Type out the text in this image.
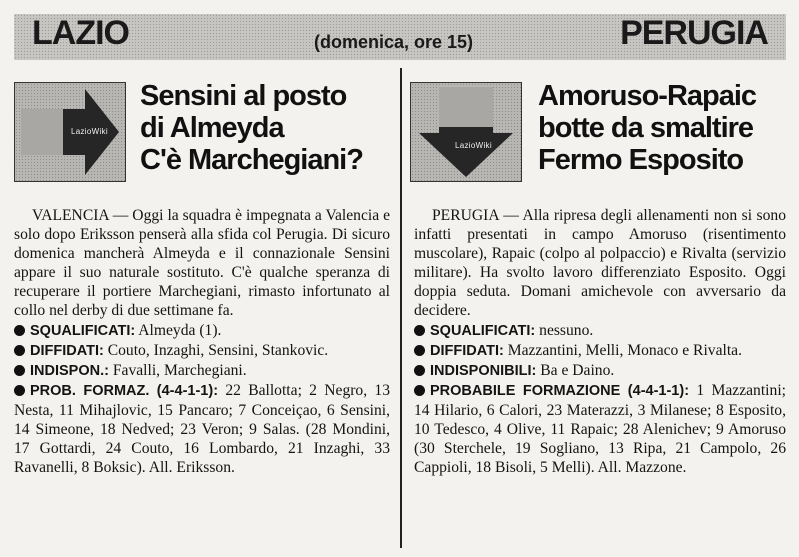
LAZIO	(domenica, ore 15)	PERUGIA
LazioWiki
Sensini al posto
di Almeyda
C'è Marchegiani?

VALENCIA — Oggi la squadra è impegnata a Valencia e solo dopo Eriksson penserà alla sfida col Perugia. Di sicuro domenica mancherà Almeyda e il connazionale Sensini appare il suo naturale sostituto. C'è qualche speranza di recuperare il portiere Marchegiani, rimasto infortunato al collo nel derby di due settimane fa.

SQUALIFICATI: Almeyda (1).

DIFFIDATI: Couto, Inzaghi, Sensini, Stankovic.

INDISPON.: Favalli, Marchegiani.

PROB. FORMAZ. (4-4-1-1): 22 Ballotta; 2 Negro, 13 Nesta, 11 Mihajlovic, 15 Pancaro; 7 Conceiçao, 6 Sensini, 14 Simeone, 18 Nedved; 23 Veron; 9 Salas. (28 Mondini, 17 Gottardi, 24 Couto, 16 Lombardo, 21 Inzaghi, 33 Ravanelli, 8 Boksic). All. Eriksson.

LazioWiki
Amoruso-Rapaic
botte da smaltire
Fermo Esposito

PERUGIA — Alla ripresa degli allenamenti non si sono infatti presentati in campo Amoruso (risentimento muscolare), Rapaic (colpo al polpaccio) e Rivalta (servizio militare). Ha svolto lavoro differenziato Esposito. Oggi doppia seduta. Domani amichevole con avversario da decidere.

SQUALIFICATI: nessuno.

DIFFIDATI: Mazzantini, Melli, Monaco e Rivalta.

INDISPONIBILI: Ba e Daino.

PROBABILE FORMAZIONE (4-4-1-1): 1 Mazzantini; 14 Hilario, 6 Calori, 23 Materazzi, 3 Milanese; 8 Esposito, 10 Tedesco, 4 Olive, 11 Rapaic; 28 Alenichev; 9 Amoruso (30 Sterchele, 19 Sogliano, 13 Ripa, 21 Campolo, 26 Cappioli, 18 Bisoli, 5 Melli). All. Mazzone.
